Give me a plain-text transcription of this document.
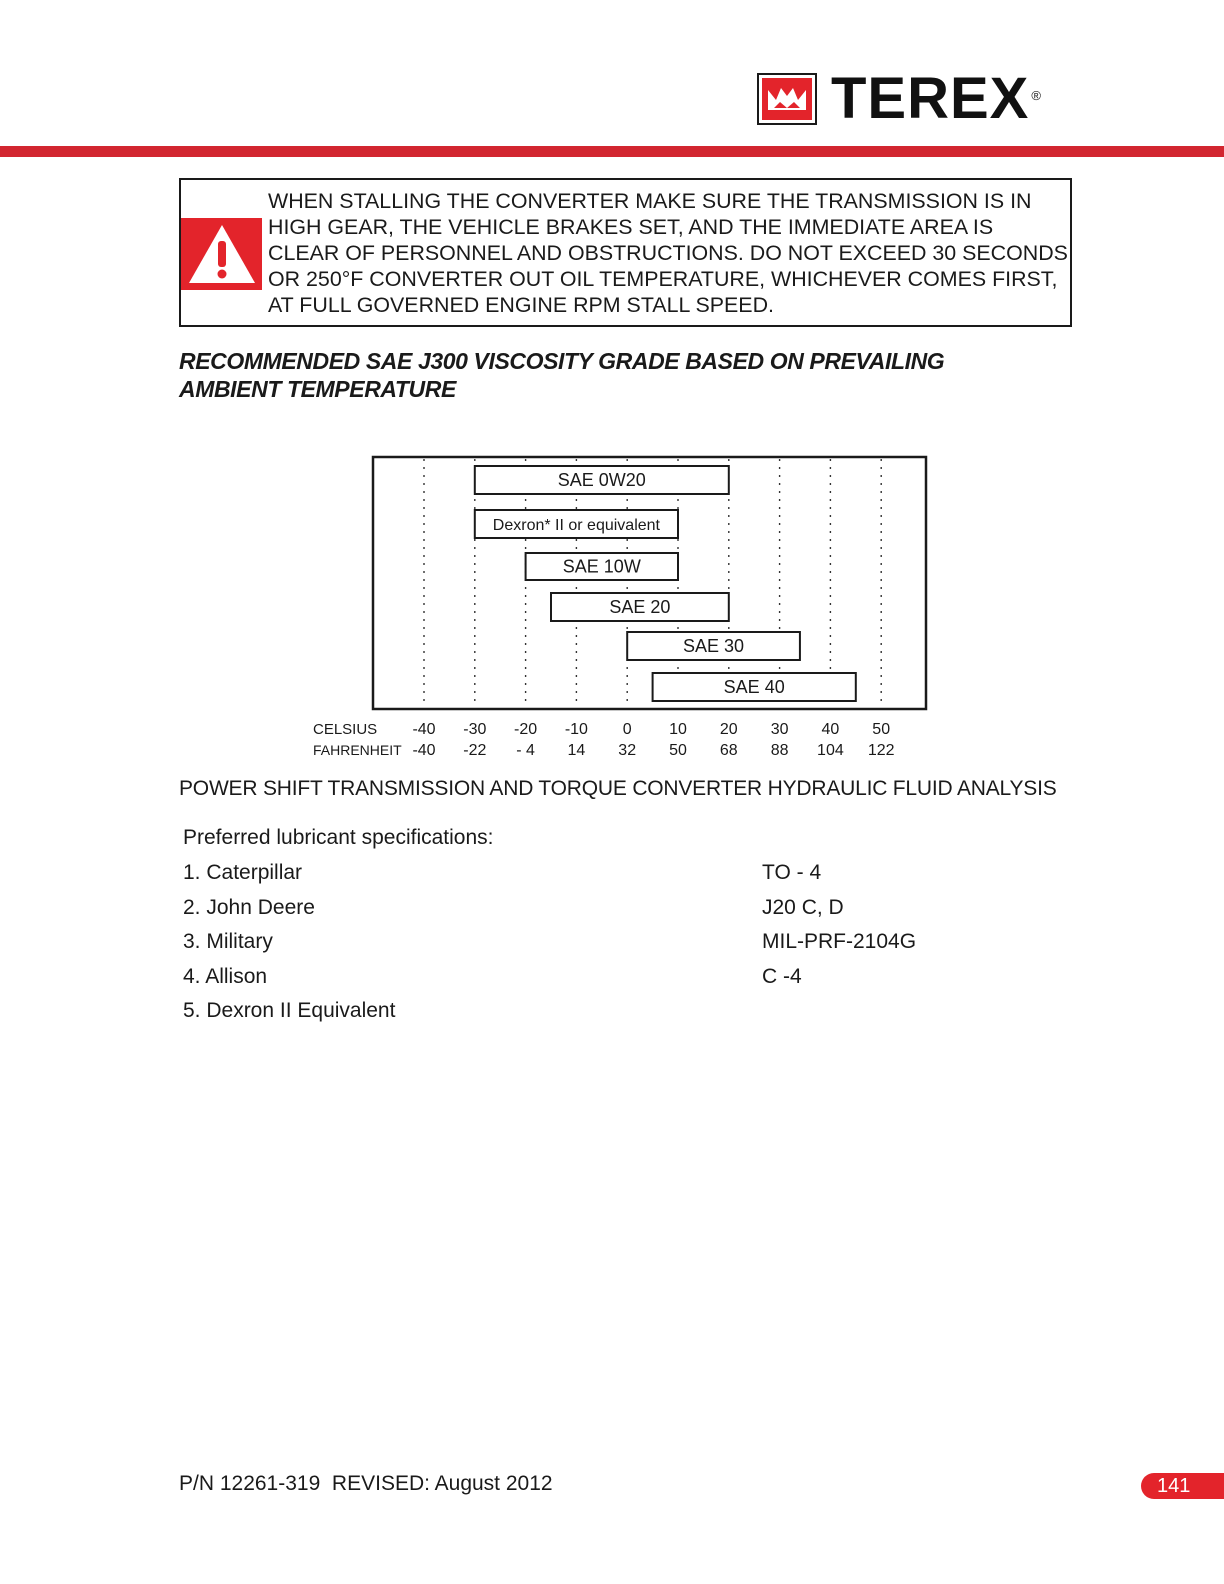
TEREX ®
WHEN STALLING THE CONVERTER MAKE SURE THE TRANSMISSION IS IN
HIGH GEAR, THE VEHICLE BRAKES SET, AND THE IMMEDIATE AREA IS
CLEAR OF PERSONNEL AND OBSTRUCTIONS. DO NOT EXCEED 30 SECONDS
OR 250°F CONVERTER OUT OIL TEMPERATURE, WHICHEVER COMES FIRST,
AT FULL GOVERNED ENGINE RPM STALL SPEED.
RECOMMENDED SAE J300 VISCOSITY GRADE BASED ON PREVAILING
AMBIENT TEMPERATURE
SAE 0W20
Dexron* II or equivalent
SAE 10W
SAE 20
SAE 30
SAE 40
CELSIUS
FAHRENHEIT
-40 -30 -20 -10 0 10 20 30 40 50
-40 -22 - 4 14 32 50 68 88 104 122
POWER SHIFT TRANSMISSION AND TORQUE CONVERTER HYDRAULIC FLUID ANALYSIS
Preferred lubricant specifications:
1. Caterpillar	TO - 4
2. John Deere	J20 C, D
3. Military	MIL-PRF-2104G
4. Allison	C -4
5. Dexron II Equivalent
P/N 12261-319  REVISED: August 2012	141
